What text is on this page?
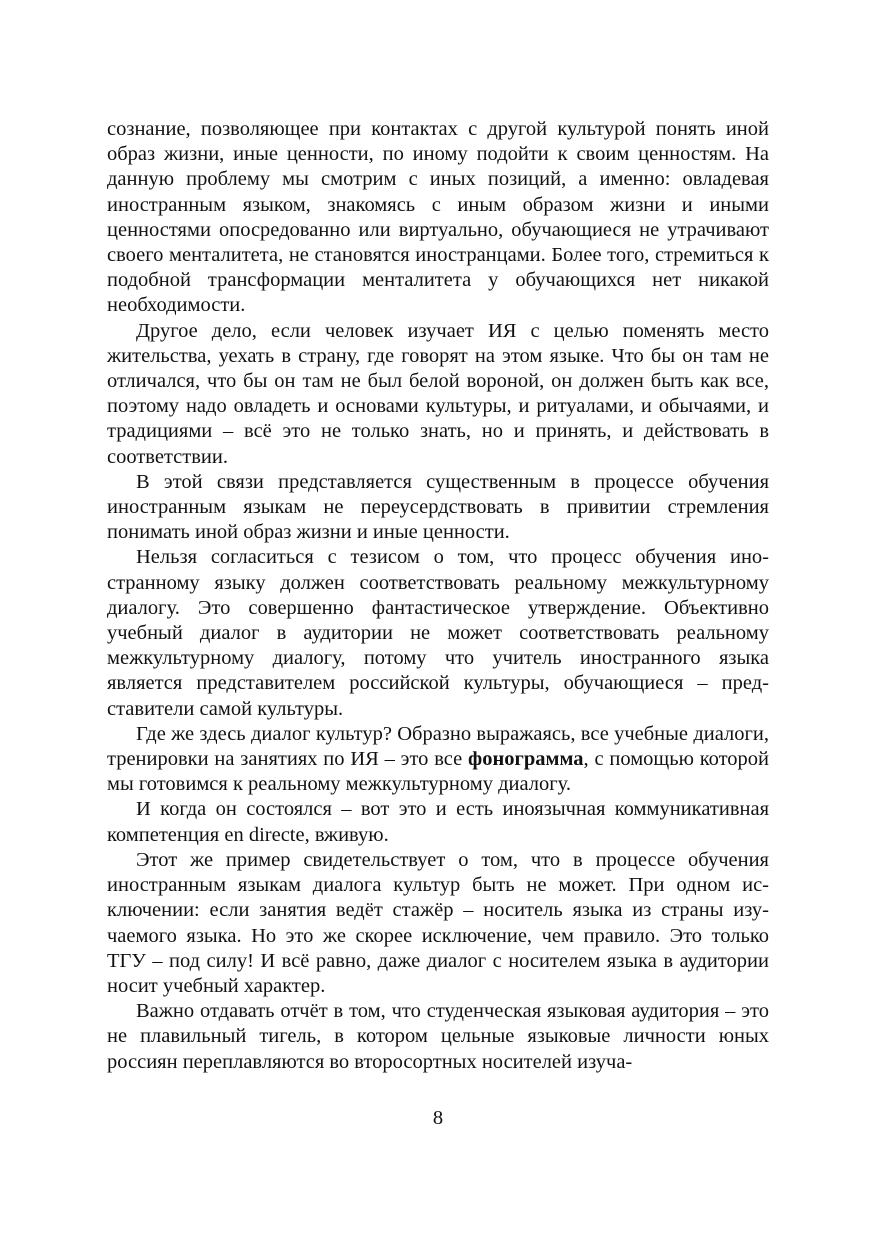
сознание, позволяющее при контактах с другой культурой понять иной образ жизни, иные ценности, по иному подойти к своим ценностям. На данную проблему мы смотрим с иных позиций, а именно: овладевая иностранным языком, знакомясь с иным образом жизни и иными ценностями опосредованно или виртуально, обучающиеся не утрачивают своего менталитета, не становятся иностранцами. Более того, стремиться к подобной трансформации менталитета у обучающихся нет никакой необходимости.

Другое дело, если человек изучает ИЯ с целью поменять место жительства, уехать в страну, где говорят на этом языке. Что бы он там не отличался, что бы он там не был белой вороной, он должен быть как все, поэтому надо овладеть и основами культуры, и ритуалами, и обычаями, и традициями – всё это не только знать, но и принять, и действовать в соответствии.

В этой связи представляется существенным в процессе обучения иностранным языкам не переусердствовать в привитии стремления понимать иной образ жизни и иные ценности.

Нельзя согласиться с тезисом о том, что процесс обучения иностранному языку должен соответствовать реальному межкультурному диалогу. Это совершенно фантастическое утверждение. Объективно учебный диалог в аудитории не может соответствовать реальному межкультурному диалогу, потому что учитель иностранного языка является представителем российской культуры, обучающиеся – представители самой культуры.

Где же здесь диалог культур? Образно выражаясь, все учебные диалоги, тренировки на занятиях по ИЯ – это все фонограмма, с помощью которой мы готовимся к реальному межкультурному диалогу.

И когда он состоялся – вот это и есть иноязычная коммуникативная компетенция en directe, вживую.

Этот же пример свидетельствует о том, что в процессе обучения иностранным языкам диалога культур быть не может. При одном исключении: если занятия ведёт стажёр – носитель языка из страны изучаемого языка. Но это же скорее исключение, чем правило. Это только ТГУ – под силу! И всё равно, даже диалог с носителем языка в аудитории носит учебный характер.

Важно отдавать отчёт в том, что студенческая языковая аудитория – это не плавильный тигель, в котором цельные языковые личности юных россиян переплавляются во второсортных носителей изуча-

8
